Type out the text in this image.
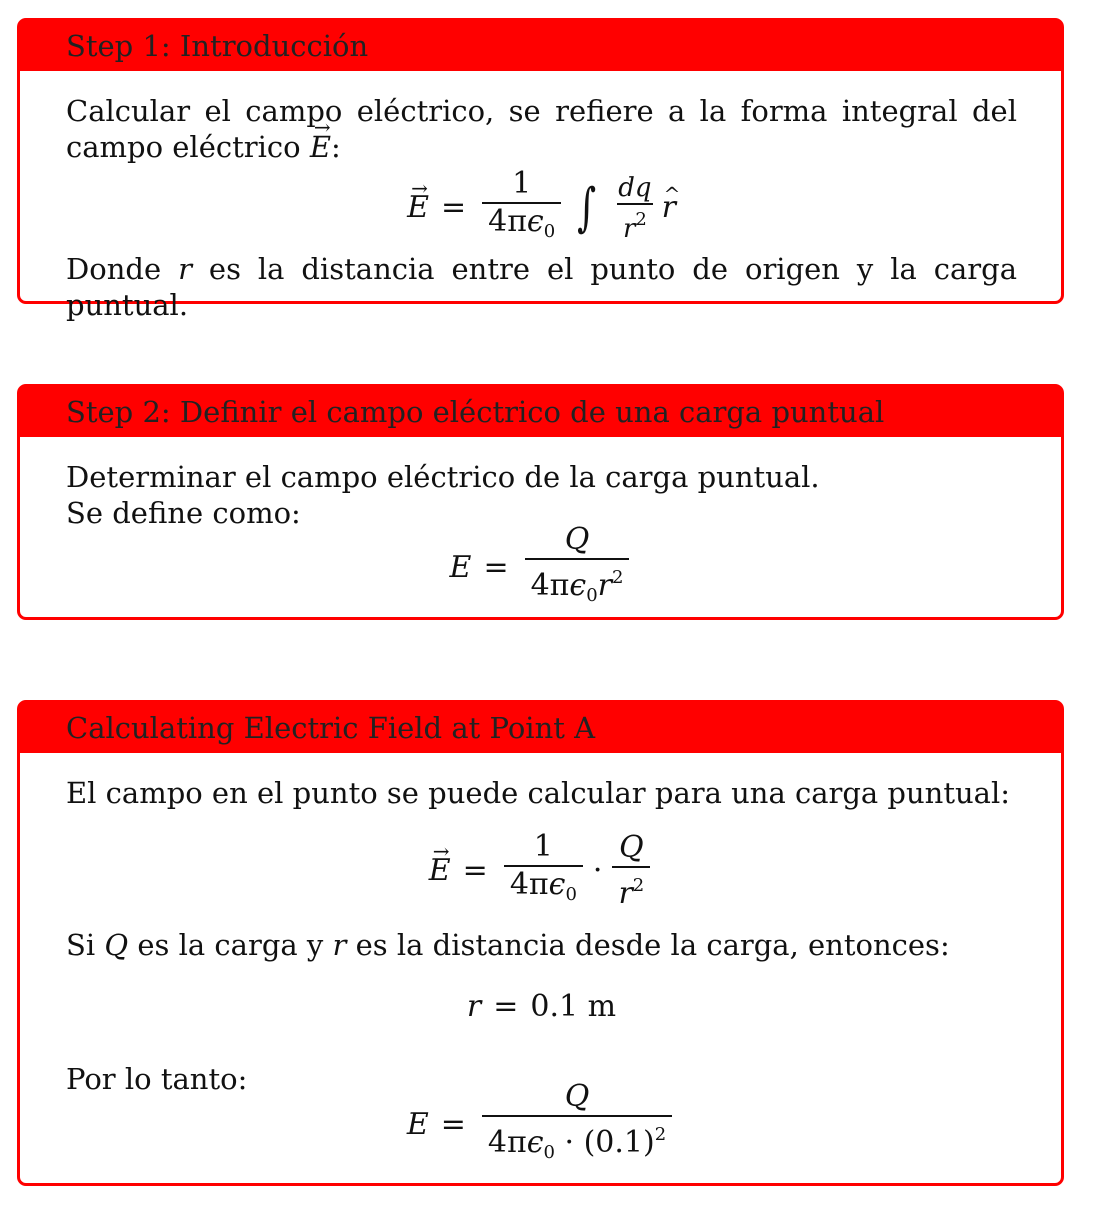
Step 1: Introducción

Calcular el campo eléctrico, se refiere a la forma integral del campo eléctrico → E:

→ $E = \frac{1}{4\pi\epsilon_0}$ ∫ $\frac{dq}{r^2}$ ^ r

Donde r es la distancia entre el punto de origen y la carga puntual.

Step 2: Definir el campo eléctrico de una carga puntual

Determinar el campo eléctrico de la carga puntual.

Se define como:

$E = \frac{Q}{4\pi\epsilon_0r^2}$
Calculating Electric Field at Point A

El campo en el punto se puede calcular para una carga puntual:

→ $E = \frac{1}{4\pi\epsilon_0} \cdot \frac{Q}{r^2}$

Si Q es la carga y r es la distancia desde la carga, entonces:

r = 0.1
m

Por lo tanto:

$E = \frac{Q}{4\pi\epsilon_0 \cdot (0.1)^2}$
